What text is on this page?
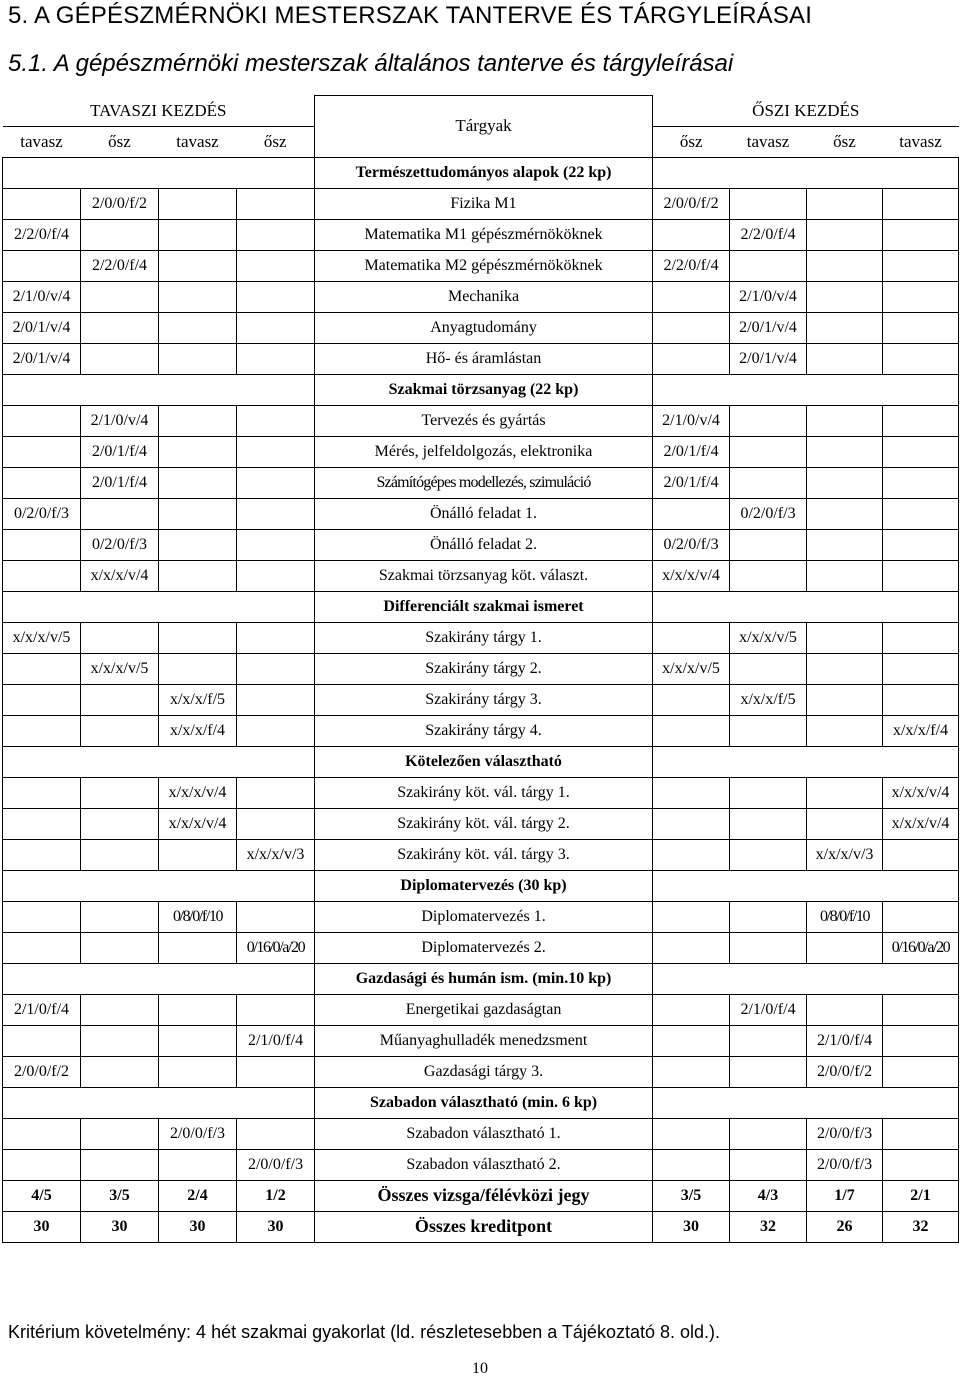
5. A GÉPÉSZMÉRNÖKI MESTERSZAK TANTERVE ÉS TÁRGYLEÍRÁSAI
5.1. A gépészmérnöki mesterszak általános tanterve és tárgyleírásai
TAVASZI KEZDÉS				Tárgyak	ŐSZI KEZDÉS			
tavasz	ősz	tavasz	ősz		ősz	tavasz	ősz	tavasz
				Természettudományos alapok (22 kp)				
	2/0/0/f/2			Fizika M1	2/0/0/f/2			
2/2/0/f/4				Matematika M1 gépészmérnököknek		2/2/0/f/4		
	2/2/0/f/4			Matematika M2 gépészmérnököknek	2/2/0/f/4			
2/1/0/v/4				Mechanika		2/1/0/v/4		
2/0/1/v/4				Anyagtudomány		2/0/1/v/4		
2/0/1/v/4				Hő- és áramlástan		2/0/1/v/4		
				Szakmai törzsanyag (22 kp)				
	2/1/0/v/4			Tervezés és gyártás	2/1/0/v/4			
	2/0/1/f/4			Mérés, jelfeldolgozás, elektronika	2/0/1/f/4			
	2/0/1/f/4			Számítógépes modellezés, szimuláció	2/0/1/f/4			
0/2/0/f/3				Önálló feladat 1.		0/2/0/f/3		
	0/2/0/f/3			Önálló feladat 2.	0/2/0/f/3			
	x/x/x/v/4			Szakmai törzsanyag köt. választ.	x/x/x/v/4			
				Differenciált szakmai ismeret				
x/x/x/v/5				Szakirány tárgy 1.		x/x/x/v/5		
	x/x/x/v/5			Szakirány tárgy 2.	x/x/x/v/5			
		x/x/x/f/5		Szakirány tárgy 3.		x/x/x/f/5		
		x/x/x/f/4		Szakirány tárgy 4.				x/x/x/f/4
				Kötelezően választható				
		x/x/x/v/4		Szakirány köt. vál. tárgy 1.				x/x/x/v/4
		x/x/x/v/4		Szakirány köt. vál. tárgy 2.				x/x/x/v/4
			x/x/x/v/3	Szakirány köt. vál. tárgy 3.			x/x/x/v/3	
				Diplomatervezés (30 kp)				
		0/8/0/f/10		Diplomatervezés 1.			0/8/0/f/10	
			0/16/0/a/20	Diplomatervezés 2.				0/16/0/a/20
				Gazdasági és humán ism. (min.10 kp)				
2/1/0/f/4				Energetikai gazdaságtan		2/1/0/f/4		
			2/1/0/f/4	Műanyaghulladék menedzsment			2/1/0/f/4	
2/0/0/f/2				Gazdasági tárgy 3.			2/0/0/f/2	
				Szabadon választható (min. 6 kp)				
		2/0/0/f/3		Szabadon választható 1.			2/0/0/f/3	
			2/0/0/f/3	Szabadon választható 2.			2/0/0/f/3	
4/5	3/5	2/4	1/2	Összes vizsga/félévközi jegy	3/5	4/3	1/7	2/1
30	30	30	30	Összes kreditpont	30	32	26	32
Kritérium követelmény: 4 hét szakmai gyakorlat (ld. részletesebben a Tájékoztató 8. old.).
10
